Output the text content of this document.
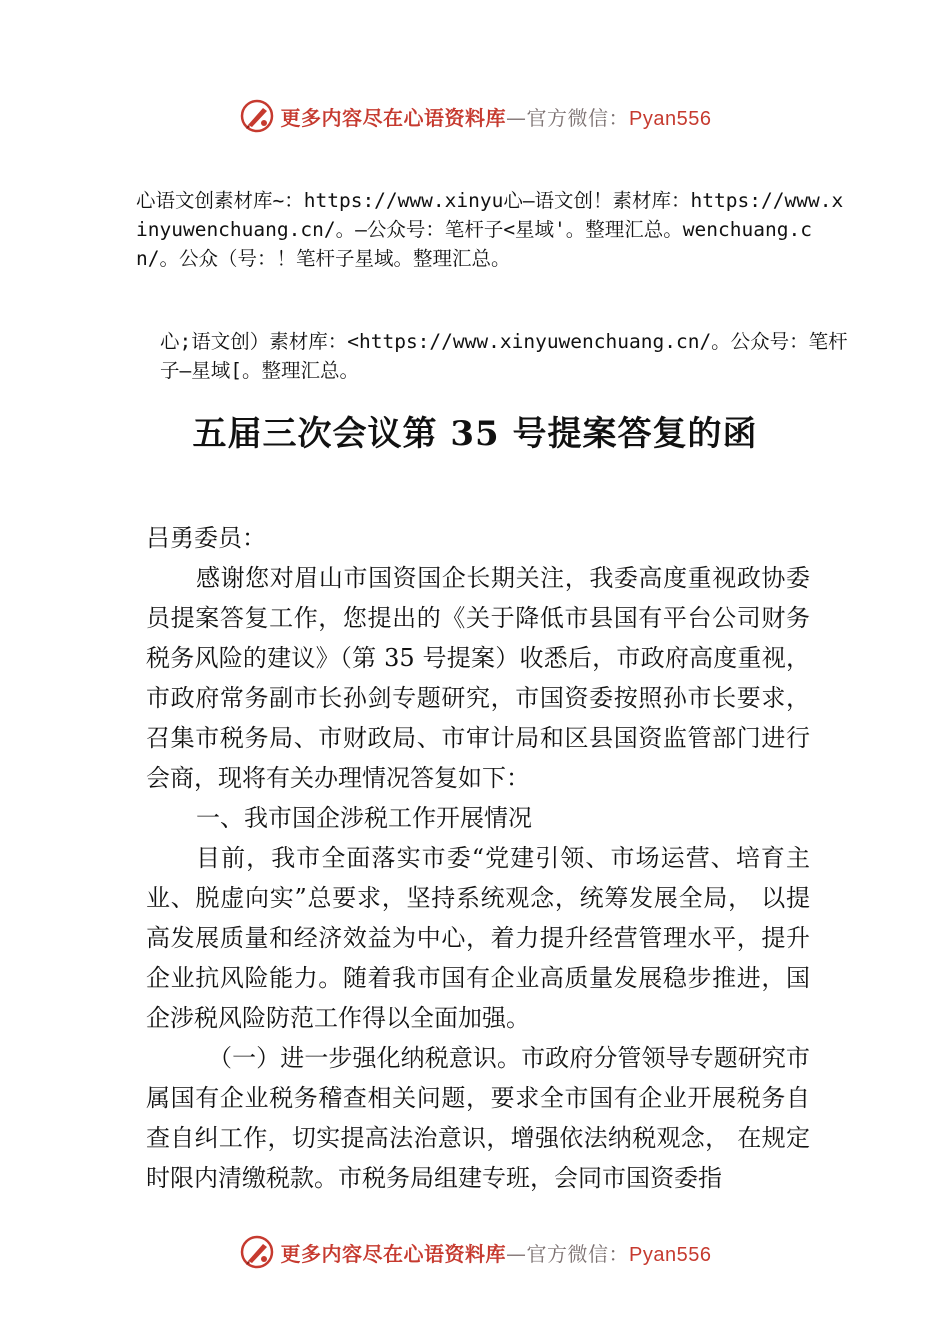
更多内容尽在心语资料库—官方微信：Pyan556
心语文创素材库~：https://www.xinyu心—语文创！素材库：https://www.xinyuwenchuang.cn/。—公众号：笔杆子<星域'。整理汇总。wenchuang.cn/。公众（号：！笔杆子星域。整理汇总。
心;语文创）素材库：<https://www.xinyuwenchuang.cn/。公众号：笔杆子—星域[。整理汇总。
五届三次会议第 35 号提案答复的函

吕勇委员：

感谢您对眉山市国资国企长期关注，我委高度重视政协委员提案答复工作，您提出的《关于降低市县国有平台公司财务税务风险的建议》（第 35 号提案）收悉后，市政府高度重视，市政府常务副市长孙剑专题研究，市国资委按照孙市长要求，召集市税务局、市财政局、市审计局和区县国资监管部门进行会商，现将有关办理情况答复如下：

一、我市国企涉税工作开展情况

目前，我市全面落实市委“党建引领、市场运营、培育主业、脱虚向实”总要求，坚持系统观念，统筹发展全局， 以提高发展质量和经济效益为中心，着力提升经营管理水平，提升企业抗风险能力。随着我市国有企业高质量发展稳步推进，国企涉税风险防范工作得以全面加强。

（一）进一步强化纳税意识。市政府分管领导专题研究市属国有企业税务稽查相关问题，要求全市国有企业开展税务自查自纠工作，切实提高法治意识，增强依法纳税观念， 在规定时限内清缴税款。市税务局组建专班，会同市国资委指

更多内容尽在心语资料库—官方微信：Pyan556
